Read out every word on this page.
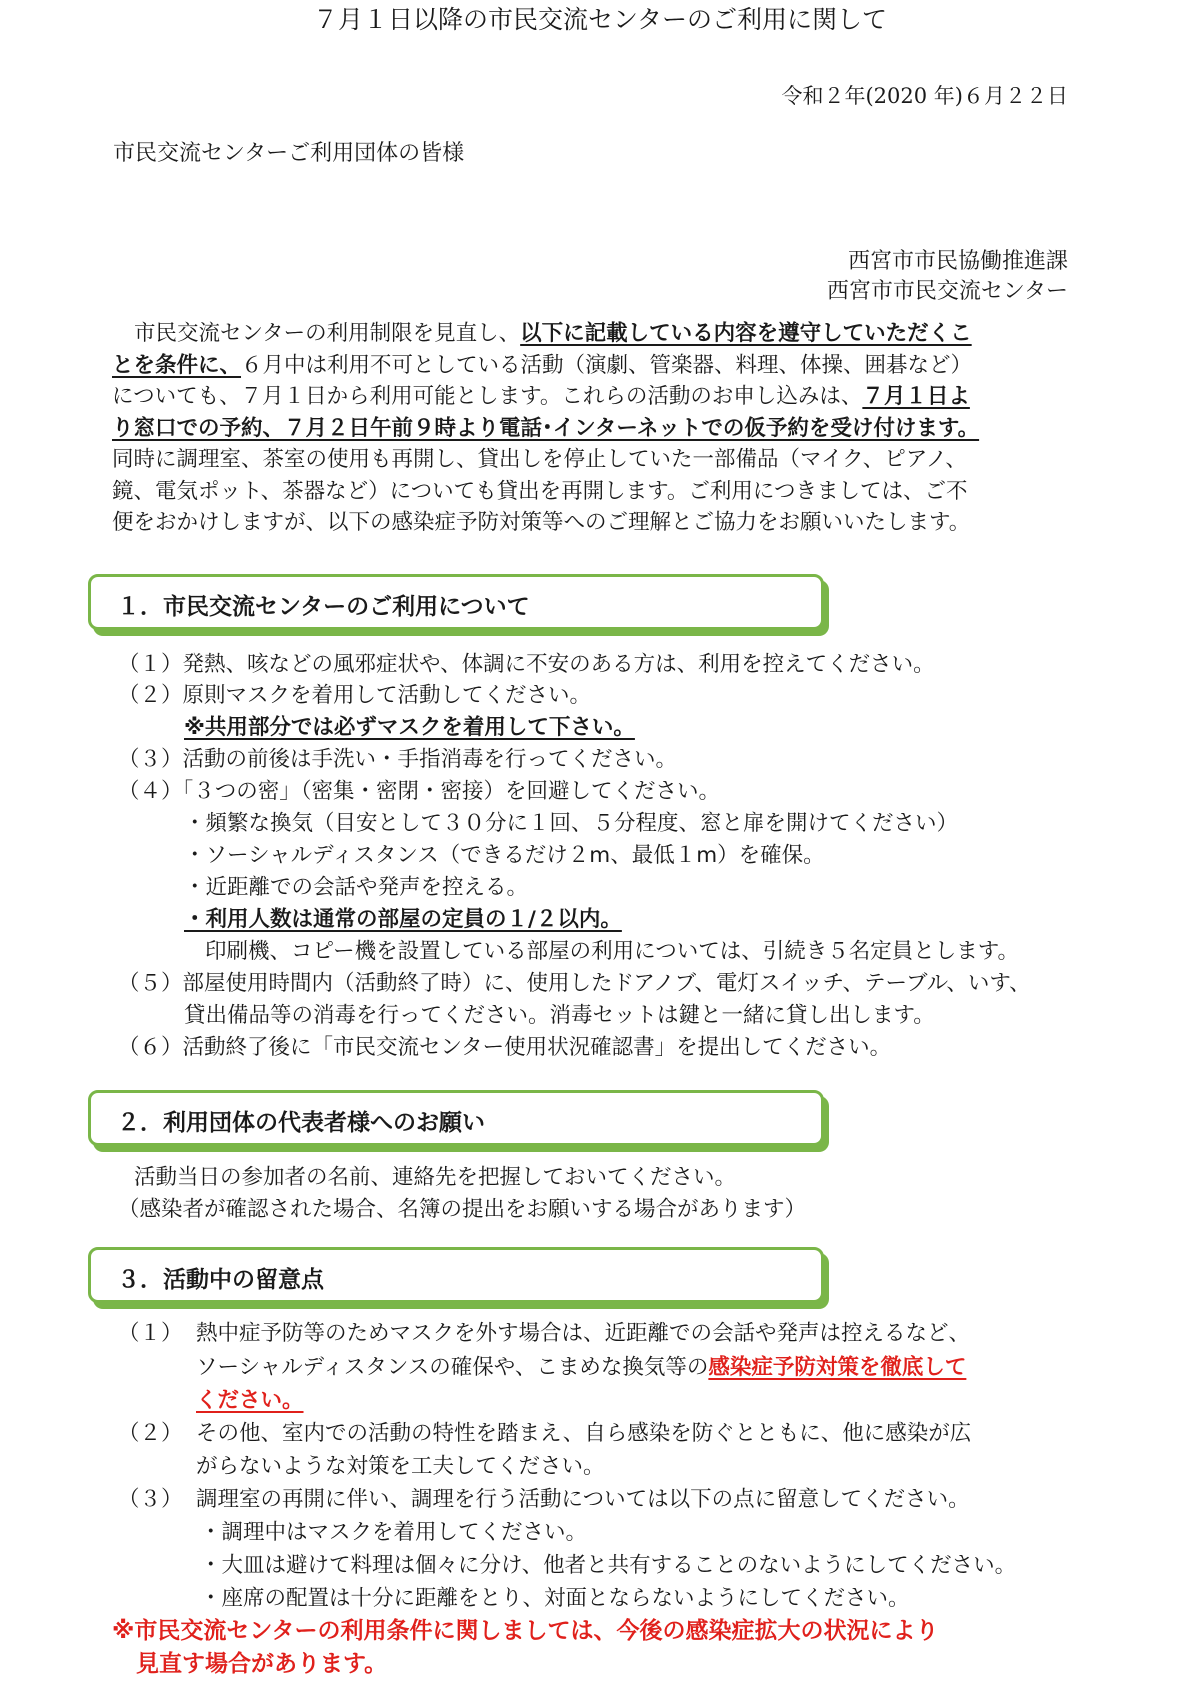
令和２年(2020 年)６月２２日
市民交流センターご利用団体の皆様
７月１日以降の市民交流センターのご利用に関して
西宮市市民協働推進課
西宮市市民交流センター

市民交流センターの利用制限を見直し、以下に記載している内容を遵守していただくこ

とを条件に、６月中は利用不可としている活動（演劇、管楽器、料理、体操、囲碁など）

についても、７月１日から利用可能とします。これらの活動のお申し込みは、７月１日よ

り窓口での予約、７月２日午前９時より電話･インターネットでの仮予約を受け付けます。

同時に調理室、茶室の使用も再開し、貸出しを停止していた一部備品（マイク、ピアノ、

鏡、電気ポット、茶器など）についても貸出を再開します。ご利用につきましては、ご不

便をおかけしますが、以下の感染症予防対策等へのご理解とご協力をお願いいたします。

１．市民交流センターのご利用について
（１）発熱、咳などの風邪症状や、体調に不安のある方は、利用を控えてください。
（２）原則マスクを着用して活動してください。
※共用部分では必ずマスクを着用して下さい。
（３）活動の前後は手洗い・手指消毒を行ってください。
（４）「３つの密」（密集・密閉・密接）を回避してください。
・頻繁な換気（目安として３０分に１回、５分程度、窓と扉を開けてください）
・ソーシャルディスタンス（できるだけ２m、最低１m）を確保。
・近距離での会話や発声を控える。
・利用人数は通常の部屋の定員の１/２以内。
印刷機、コピー機を設置している部屋の利用については、引続き５名定員とします。
（５）部屋使用時間内（活動終了時）に、使用したドアノブ、電灯スイッチ、テーブル、いす、
貸出備品等の消毒を行ってください。消毒セットは鍵と一緒に貸し出します。
（６）活動終了後に「市民交流センター使用状況確認書」を提出してください。
２．利用団体の代表者様へのお願い
活動当日の参加者の名前、連絡先を把握しておいてください。
（感染者が確認された場合、名簿の提出をお願いする場合があります）
３．活動中の留意点
（１） 熱中症予防等のためマスクを外す場合は、近距離での会話や発声は控えるなど、
ソーシャルディスタンスの確保や、こまめな換気等の感染症予防対策を徹底して
ください。
（２） その他、室内での活動の特性を踏まえ、自ら感染を防ぐとともに、他に感染が広
がらないような対策を工夫してください。
（３） 調理室の再開に伴い、調理を行う活動については以下の点に留意してください。
・調理中はマスクを着用してください。
・大皿は避けて料理は個々に分け、他者と共有することのないようにしてください。
・座席の配置は十分に距離をとり、対面とならないようにしてください。
※市民交流センターの利用条件に関しましては、今後の感染症拡大の状況により
見直す場合があります。
